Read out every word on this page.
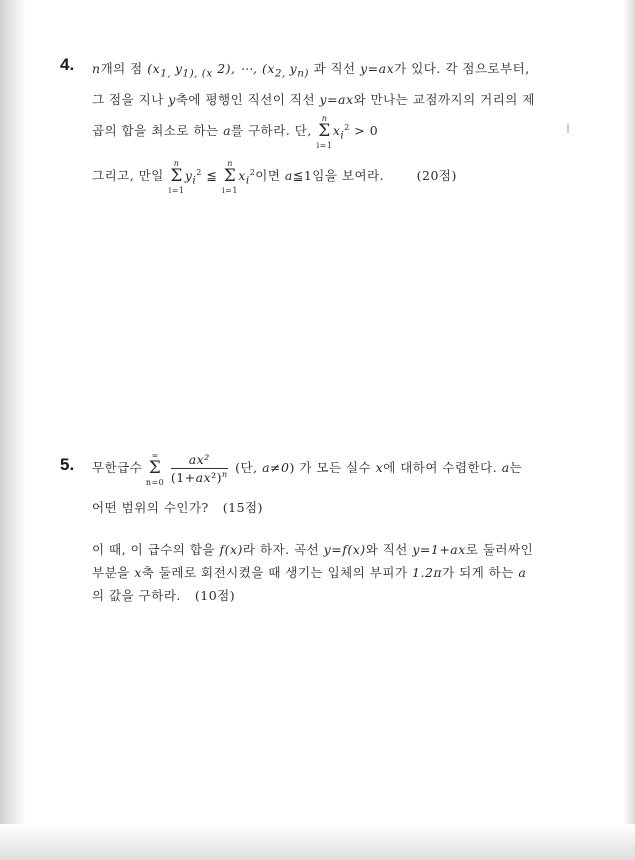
4. n개의 점 ($x_{1,}$ $y_{1), (x}$ 2), ⋯, ($x_{2,}$ $y_{n)}$ 과 직선 y=ax가 있다. 각 점으로부터,
그 점을 지나 y축에 평행인 직선이 직선 y=ax와 만나는 교점까지의 거리의 제
곱의 합을 최소로 하는 a를 구하라. 단,
n
Σ
i=1
$x_i^2 > 0$
그리고, 만일
n
Σ
i=1
$y_i^2$ ≦
n
Σ
i=1
$x_i^2$이면 a≦1임을 보여라.	(20점)
5. 무한급수
∞
Σ
n=0
$\frac{\text{ax²}}{(1+ax^2)^n}$ (단, a≠0) 가 모든 실수 x에 대하여 수렴한다. a는
어떤 범위의 수인가? (15점)
이 때, 이 급수의 합을 f(x)라 하자. 곡선 y=f(x)와 직선 y=1+ax로 둘러싸인
부분을 x축 둘레로 회전시켰을 때 생기는 입체의 부피가 1.2π가 되게 하는 a
의 값을 구하라. (10점)
